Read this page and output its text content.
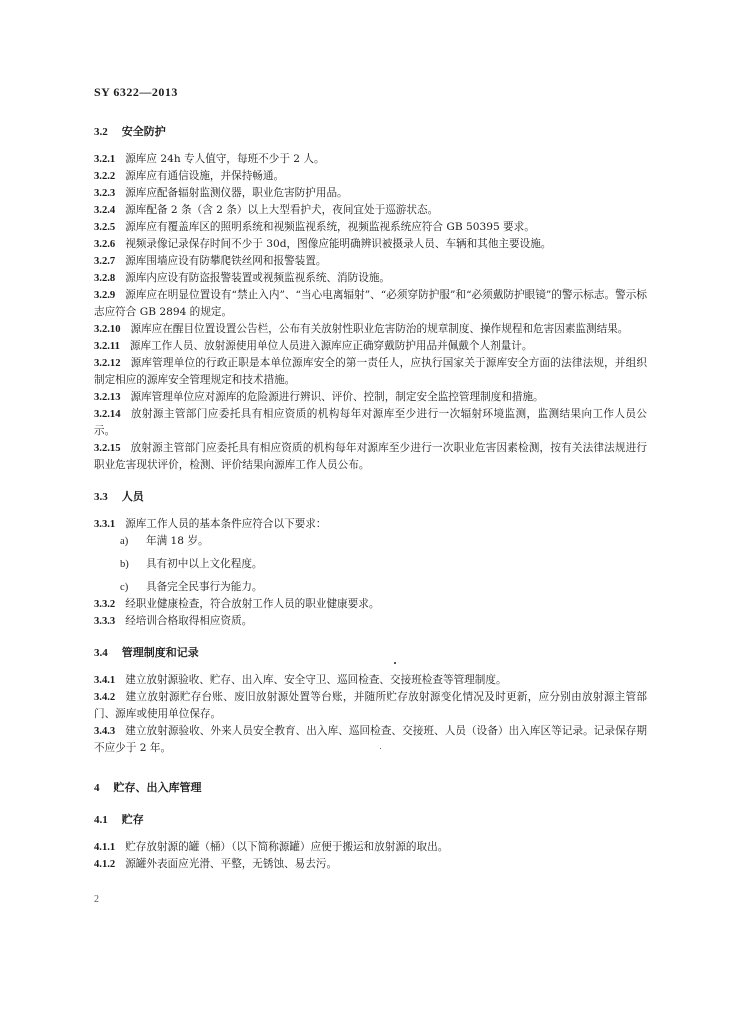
SY 6322—2013

3.2 安全防护

3.2.1 源库应 24h 专人值守，每班不少于 2 人。

3.2.2 源库应有通信设施，并保持畅通。

3.2.3 源库应配备辐射监测仪器，职业危害防护用品。

3.2.4 源库配备 2 条（含 2 条）以上大型看护犬，夜间宜处于巡游状态。

3.2.5 源库应有覆盖库区的照明系统和视频监视系统，视频监视系统应符合 GB 50395 要求。

3.2.6 视频录像记录保存时间不少于 30d，图像应能明确辨识被摄录人员、车辆和其他主要设施。

3.2.7 源库围墙应设有防攀爬铁丝网和报警装置。

3.2.8 源库内应设有防盗报警装置或视频监视系统、消防设施。

3.2.9 源库应在明显位置设有“禁止入内”、“当心电离辐射”、“必须穿防护服”和“必须戴防护眼镜”的警示标志。警示标志应符合 GB 2894 的规定。

3.2.10 源库应在醒目位置设置公告栏，公布有关放射性职业危害防治的规章制度、操作规程和危害因素监测结果。

3.2.11 源库工作人员、放射源使用单位人员进入源库应正确穿戴防护用品并佩戴个人剂量计。

3.2.12 源库管理单位的行政正职是本单位源库安全的第一责任人，应执行国家关于源库安全方面的法律法规，并组织制定相应的源库安全管理规定和技术措施。

3.2.13 源库管理单位应对源库的危险源进行辨识、评价、控制，制定安全监控管理制度和措施。

3.2.14 放射源主管部门应委托具有相应资质的机构每年对源库至少进行一次辐射环境监测，监测结果向工作人员公示。

3.2.15 放射源主管部门应委托具有相应资质的机构每年对源库至少进行一次职业危害因素检测，按有关法律法规进行职业危害现状评价，检测、评价结果向源库工作人员公布。

3.3 人员

3.3.1 源库工作人员的基本条件应符合以下要求：

a) 年满 18 岁。

b) 具有初中以上文化程度。

c) 具备完全民事行为能力。

3.3.2 经职业健康检查，符合放射工作人员的职业健康要求。

3.3.3 经培训合格取得相应资质。

3.4 管理制度和记录

3.4.1 建立放射源验收、贮存、出入库、安全守卫、巡回检查、交接班检查等管理制度。

3.4.2 建立放射源贮存台账、废旧放射源处置等台账，并随所贮存放射源变化情况及时更新，应分别由放射源主管部门、源库或使用单位保存。

3.4.3 建立放射源验收、外来人员安全教育、出入库、巡回检查、交接班、人员（设备）出入库区等记录。记录保存期不应少于 2 年。

4 贮存、出入库管理

4.1 贮存

4.1.1 贮存放射源的罐（桶）（以下简称源罐）应便于搬运和放射源的取出。

4.1.2 源罐外表面应光滑、平整，无锈蚀、易去污。

2
